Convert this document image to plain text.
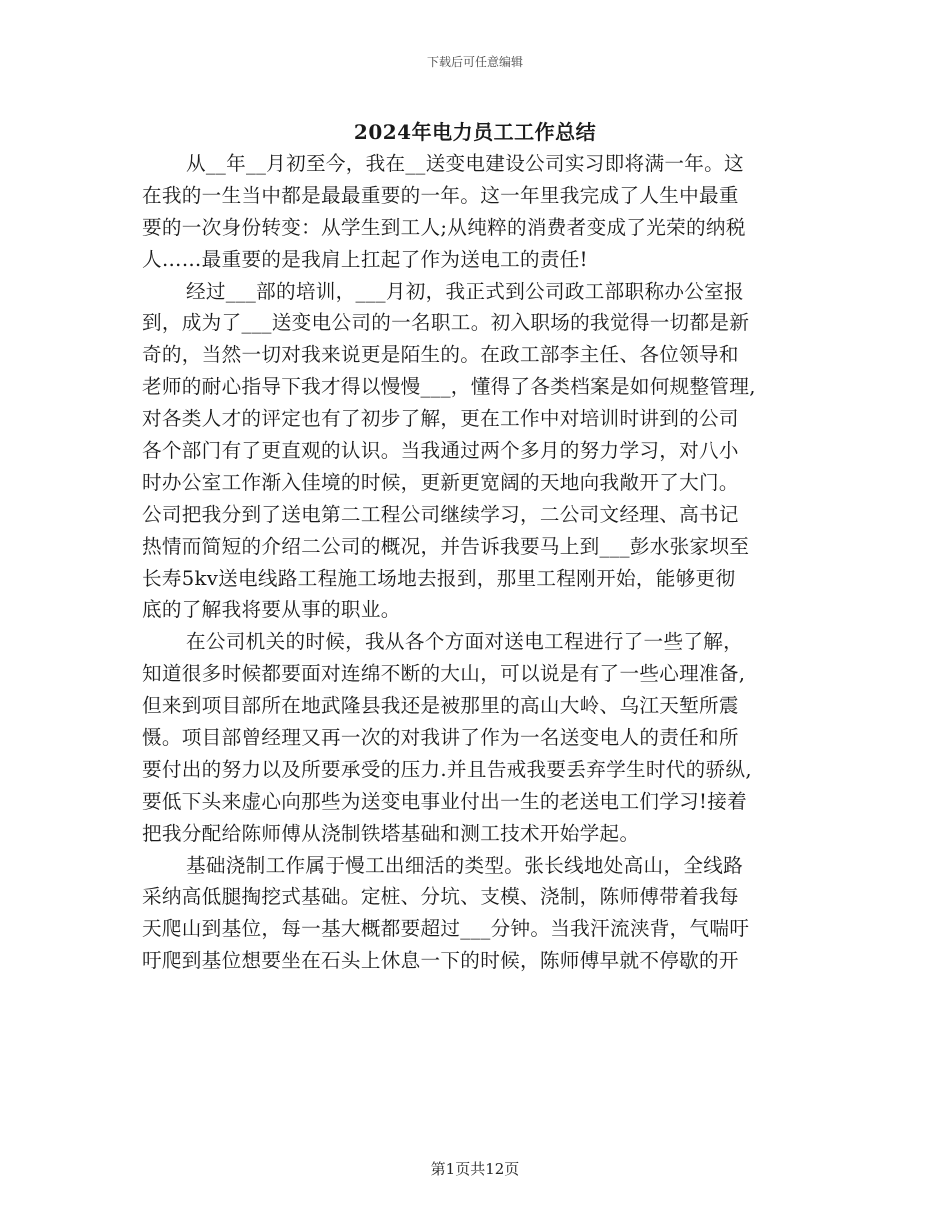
下载后可任意编辑
2024年电力员工工作总结
从__年__月初至今，我在__送变电建设公司实习即将满一年。这
在我的一生当中都是最最重要的一年。这一年里我完成了人生中最重
要的一次身份转变：从学生到工人;从纯粹的消费者变成了光荣的纳税
人……最重要的是我肩上扛起了作为送电工的责任!
经过___部的培训，___月初，我正式到公司政工部职称办公室报
到，成为了___送变电公司的一名职工。初入职场的我觉得一切都是新
奇的，当然一切对我来说更是陌生的。在政工部李主任、各位领导和
老师的耐心指导下我才得以慢慢___，懂得了各类档案是如何规整管理,
对各类人才的评定也有了初步了解，更在工作中对培训时讲到的公司
各个部门有了更直观的认识。当我通过两个多月的努力学习，对八小
时办公室工作渐入佳境的时候，更新更宽阔的天地向我敞开了大门。
公司把我分到了送电第二工程公司继续学习，二公司文经理、高书记
热情而简短的介绍二公司的概况，并告诉我要马上到___彭水张家坝至
长寿5kv送电线路工程施工场地去报到，那里工程刚开始，能够更彻
底的了解我将要从事的职业。
在公司机关的时候，我从各个方面对送电工程进行了一些了解，
知道很多时候都要面对连绵不断的大山，可以说是有了一些心理准备,
但来到项目部所在地武隆县我还是被那里的高山大岭、乌江天堑所震
慑。项目部曾经理又再一次的对我讲了作为一名送变电人的责任和所
要付出的努力以及所要承受的压力.并且告戒我要丢弃学生时代的骄纵,
要低下头来虚心向那些为送变电事业付出一生的老送电工们学习!接着
把我分配给陈师傅从浇制铁塔基础和测工技术开始学起。
基础浇制工作属于慢工出细活的类型。张长线地处高山，全线路
采纳高低腿掏挖式基础。定桩、分坑、支模、浇制，陈师傅带着我每
天爬山到基位，每一基大概都要超过___分钟。当我汗流浃背，气喘吁
吁爬到基位想要坐在石头上休息一下的时候，陈师傅早就不停歇的开
第1页共12页
